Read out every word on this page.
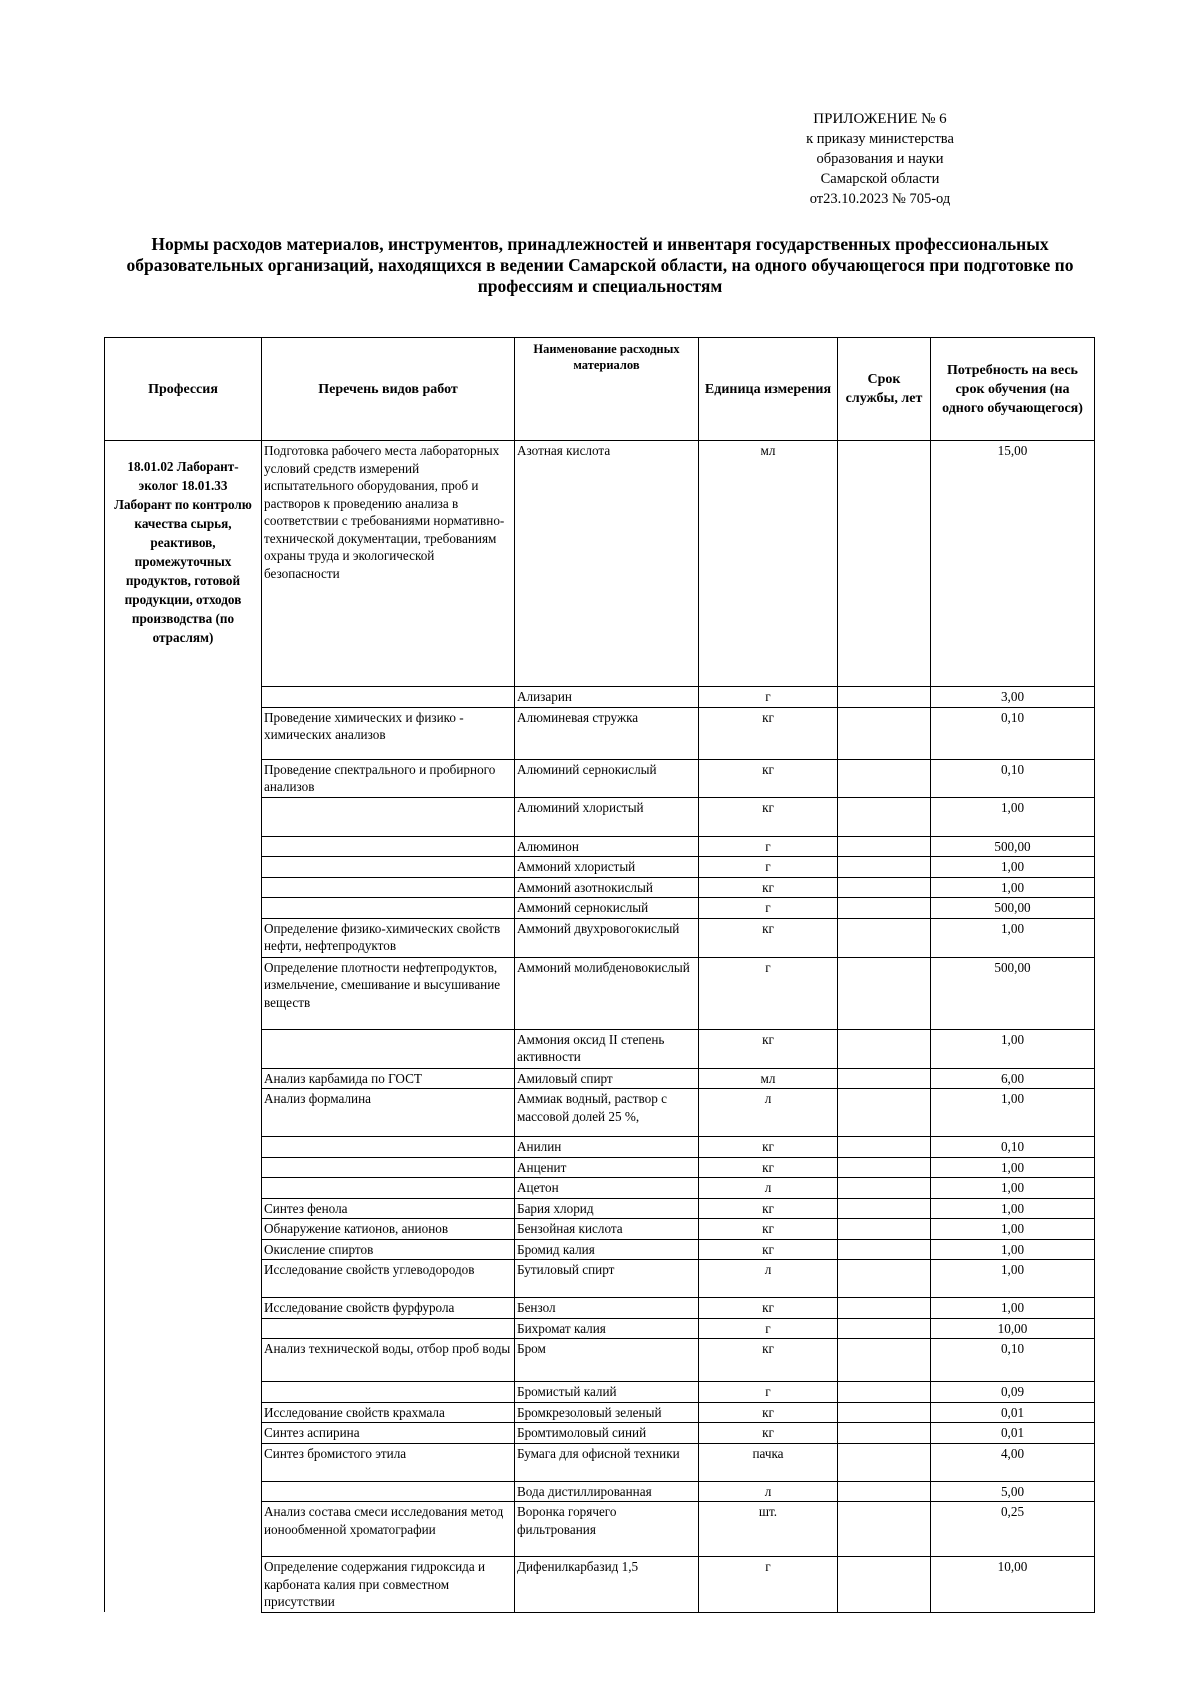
ПРИЛОЖЕНИЕ № 6
к приказу министерства
образования и науки
Самарской области
от23.10.2023 № 705-од
Нормы расходов материалов, инструментов, принадлежностей и инвентаря государственных профессиональных образовательных организаций, находящихся в ведении Самарской области, на одного обучающегося при подготовке по профессиям и специальностям
Профессия	Перечень видов работ	Наименование расходных материалов	Единица измерения	Срок службы, лет	Потребность на весь срок обучения (на одного обучающегося)
18.01.02 Лаборант-эколог 18.01.33 Лаборант по контролю качества сырья, реактивов, промежуточных продуктов, готовой продукции, отходов производства (по отраслям)	Подготовка рабочего места лабораторных условий средств измерений испытательного оборудования, проб и растворов к проведению анализа в соответствии с требованиями нормативно-технической документации, требованиям охраны труда и экологической безопасности	Азотная кислота	мл		15,00
		Ализарин	г		3,00
	Проведение химических и физико - химических анализов	Алюминевая стружка	кг		0,10
	Проведение спектрального и пробирного анализов	Алюминий сернокислый	кг		0,10
		Алюминий хлористый	кг		1,00
		Алюминон	г		500,00
		Аммоний хлористый	г		1,00
		Аммоний азотнокислый	кг		1,00
		Аммоний сернокислый	г		500,00
	Определение физико-химических свойств нефти, нефтепродуктов	Аммоний двухровогокислый	кг		1,00
	Определение плотности нефтепродуктов, измельчение, смешивание и высушивание веществ	Аммоний молибденовокислый	г		500,00
		Аммония оксид II степень активности	кг		1,00
	Анализ карбамида по ГОСТ	Амиловый спирт	мл		6,00
	Анализ формалина	Аммиак водный, раствор с массовой долей 25 %,	л		1,00
		Анилин	кг		0,10
		Анценит	кг		1,00
		Ацетон	л		1,00
	Синтез фенола	Бария хлорид	кг		1,00
	Обнаружение катионов, анионов	Бензойная кислота	кг		1,00
	Окисление спиртов	Бромид калия	кг		1,00
	Исследование свойств углеводородов	Бутиловый спирт	л		1,00
	Исследование свойств фурфурола	Бензол	кг		1,00
		Бихромат калия	г		10,00
	Анализ технической воды, отбор проб воды	Бром	кг		0,10
		Бромистый калий	г		0,09
	Исследование свойств крахмала	Бромкрезоловый зеленый	кг		0,01
	Синтез аспирина	Бромтимоловый синий	кг		0,01
	Синтез бромистого этила	Бумага для офисной техники	пачка		4,00
		Вода дистиллированная	л		5,00
	Анализ состава смеси исследования метод ионообменной хроматографии	Воронка горячего фильтрования	шт.		0,25
	Определение содержания гидроксида и карбоната калия при совместном присутствии	Дифенилкарбазид 1,5	г		10,00
